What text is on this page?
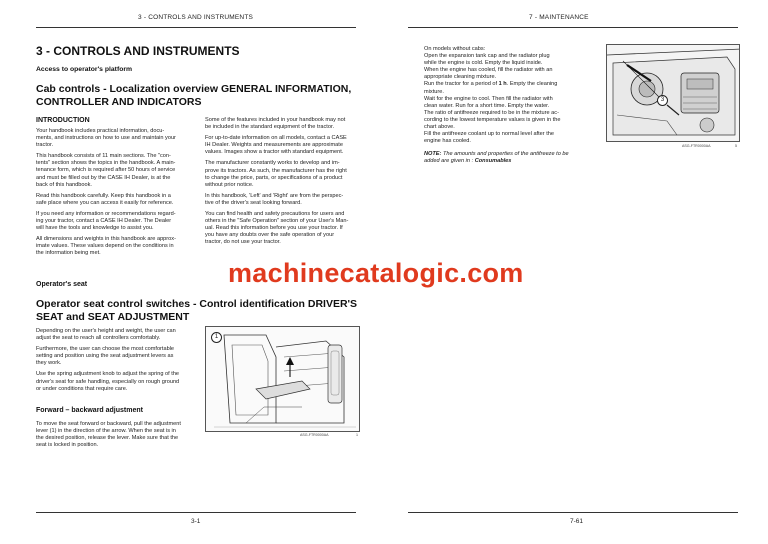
3 - CONTROLS AND INSTRUMENTS
3 - CONTROLS AND INSTRUMENTS
Access to operator's platform
Cab controls - Localization overview GENERAL INFORMATION,
CONTROLLER AND INDICATORS
INTRODUCTION
Your handbook includes practical information, docu-
ments, and instructions on how to use and maintain your
tractor.
This handbook consists of 11 main sections. The "con-
tents" section shows the topics in the handbook. A main-
tenance form, which is required after 50 hours of service
and must be filled out by the CASE IH Dealer, is at the
back of this handbook.
Read this handbook carefully. Keep this handbook in a
safe place where you can access it easily for reference.
If you need any information or recommendations regard-
ing your tractor, contact a CASE IH Dealer. The Dealer
will have the tools and knowledge to assist you.
All dimensions and weights in this handbook are approx-
imate values. These values depend on the conditions in
the information being met.
Some of the features included in your handbook may not
be included in the standard equipment of the tractor.
For up-to-date information on all models, contact a CASE
IH Dealer. Weights and measurements are approximate
values. Images show a tractor with standard equipment.
The manufacturer constantly works to develop and im-
prove its tractors. As such, the manufacturer has the right
to change the price, parts, or specifications of a product
without prior notice.
In this handbook, 'Left' and 'Right' are from the perspec-
tive of the driver's seat looking forward.
You can find health and safety precautions for users and
others in the "Safe Operation" section of your User's Man-
ual. Read this information before you use your tractor. If
you have any doubts over the safe operation of your
tractor, do not use your tractor.
Operator's seat
Operator seat control switches - Control identification DRIVER'S
SEAT and SEAT ADJUSTMENT
Depending on the user's height and weight, the user can
adjust the seat to reach all controllers comfortably.
Furthermore, the user can choose the most comfortable
setting and position using the seat adjustment levers as
they work.
Use the spring adjustment knob to adjust the spring of the
driver's seat for safe handling, especially on rough ground
or under conditions that require care.
Forward – backward adjustment
To move the seat forward or backward, pull the adjustment
lever (1) in the direction of the arrow. When the seat is in
the desired position, release the lever. Make sure that the
seat is locked in position.
1
ASG-FTR0000AA	1
3-1
7 - MAINTENANCE
On models without cabs:
Open the expansion tank cap and the radiator plug
while the engine is cold. Empty the liquid inside.
When the engine has cooled, fill the radiator with an
appropriate cleaning mixture.
Run the tractor for a period of 1 h. Empty the cleaning
mixture.
Wait for the engine to cool. Then fill the radiator with
clean water. Run for a short time. Empty the water.
The ratio of antifreeze required to be in the mixture ac-
cording to the lowest temperature values is given in the
chart above.
Fill the antifreeze coolant up to normal level after the
engine has cooled.
NOTE: The amounts and properties of the antifreeze to be
added are given in : Consumables
3
ASG-FTR0000AA	5
7-61
machinecatalogic.com
